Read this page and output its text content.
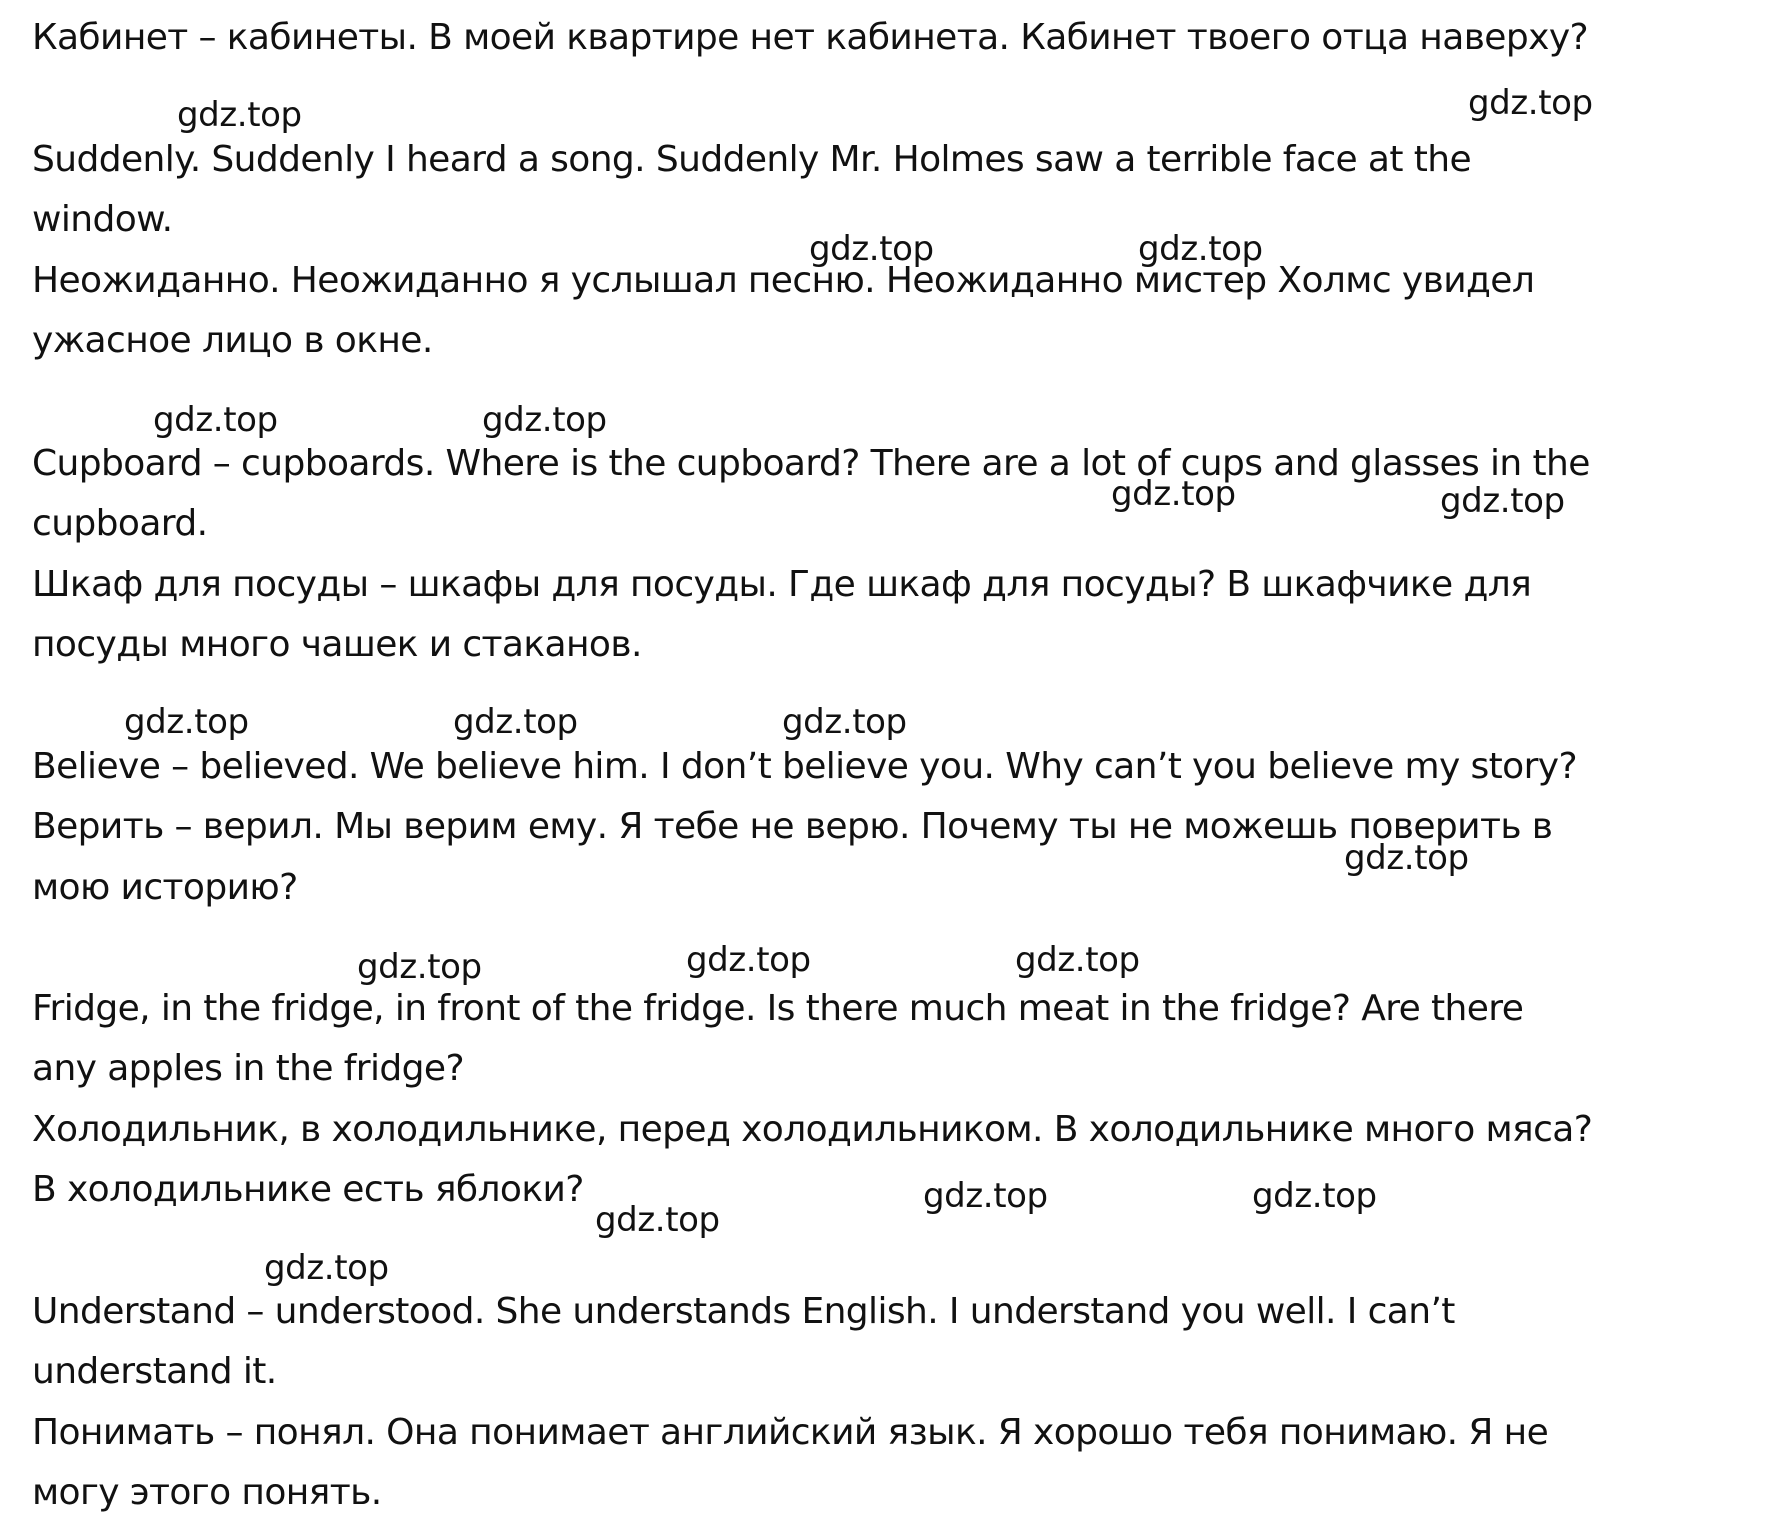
Кабинет – кабинеты. В моей квартире нет кабинета. Кабинет твоего отца наверху?
Suddenly. Suddenly I heard a song. Suddenly Mr. Holmes saw a terrible face at the
window.
Неожиданно. Неожиданно я услышал песню. Неожиданно мистер Холмс увидел
ужасное лицо в окне.
Cupboard – cupboards. Where is the cupboard? There are a lot of cups and glasses in the
cupboard.
Шкаф для посуды – шкафы для посуды. Где шкаф для посуды? В шкафчике для
посуды много чашек и стаканов.
Believe – believed. We believe him. I don’t believe you. Why can’t you believe my story?
Верить – верил. Мы верим ему. Я тебе не верю. Почему ты не можешь поверить в
мою историю?
Fridge, in the fridge, in front of the fridge. Is there much meat in the fridge? Are there
any apples in the fridge?
Холодильник, в холодильнике, перед холодильником. В холодильнике много мяса?
В холодильнике есть яблоки?
Understand – understood. She understands English. I understand you well. I can’t
understand it.
Понимать – понял. Она понимает английский язык. Я хорошо тебя понимаю. Я не
могу этого понять.
gdz.top	gdz.top
gdz.top	gdz.top
gdz.top	gdz.top
gdz.top	gdz.top
gdz.top	gdz.top	gdz.top
gdz.top
gdz.top	gdz.top	gdz.top
gdz.top
gdz.top	gdz.top
gdz.top
